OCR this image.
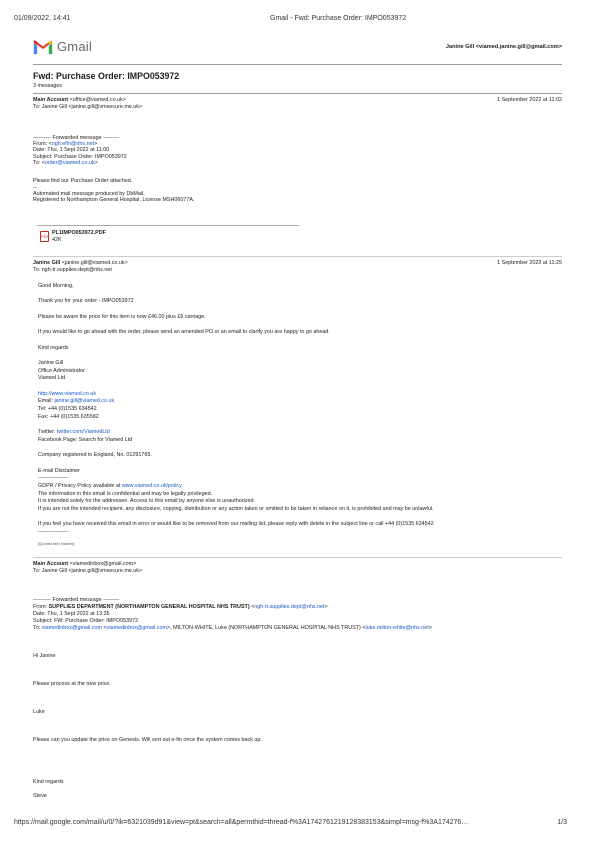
01/09/2022, 14:41	Gmail - Fwd: Purchase Order: IMPO053972
Gmail	Janine Gill <viamed.janine.gill@gmail.com>
Fwd: Purchase Order: IMPO053972
3 messages
Main Account <office@viamed.co.uk>	1 September 2022 at 11:02
To: Janine Gill <janine.gill@vmsecure.me.uk>

---------- Forwarded message ---------

From: <ngh.efin@nhs.net>

Date: Thu, 1 Sept 2022 at 11:00

Subject: Purchase Order: IMPO053972

To: <order@viamed.co.uk>

Please find our Purchase Order attached.

--

Automated mail message produced by DbMail.

Registered to Northampton General Hospital, License MSH06077A.

PDF
PL1IMPO053972.PDF
42K
Janine Gill <janine.gill@viamed.co.uk>	1 September 2022 at 11:25
To: ngh-tr.supplies.dept@nhs.net

Good Morning,

Thank you for your order - IMPO053972

Please be aware the price for this item is now £46.00 plus £6 carriage.

If you would like to go ahead with the order, please send an amended PO or an email to clarify you are happy to go ahead.

Kind regards

Janine Gill

Office Administrator

Viamed Ltd.

http://www.viamed.co.uk

Email: janine.gill@viamed.co.uk

Tel: +44 (0)1535 634542

Fax: +44 (0)1535 635582

Twitter: twitter.com/ViamedLtd

Facebook Page: Search for Viamed Ltd

Company registered in England, No. 01291765.

E-mail Disclaimer

-----------------

GDPR / Privacy Policy available at www.viamed.co.uk/policy

The information in this email is confidential and may be legally privileged.

It is intended solely for the addressee. Access to this email by anyone else is unauthorized.

If you are not the intended recipient, any disclosure, copying, distribution or any action taken or omitted to be taken in reliance on it, is prohibited and may be unlawful.

If you feel you have received this email in error or would like to be removed from our mailing list, please reply with delete in the subject line or call +44 (0)1535 634542

-----------------

[Quoted text hidden]
Main Account <viamedinbox@gmail.com>
To: Janine Gill <janine.gill@vmsecure.me.uk>

---------- Forwarded message ---------

From: SUPPLIES DEPARTMENT (NORTHAMPTON GENERAL HOSPITAL NHS TRUST) <ngh-tr.supplies.dept@nhs.net>

Date: Thu, 1 Sept 2022 at 13:35

Subject: FW: Purchase Order: IMPO053972

To: viamedinbox@gmail.com <viamedinbox@gmail.com>, MILTON-WHITE, Luke (NORTHAMPTON GENERAL HOSPITAL NHS TRUST) <luke.milton-white@nhs.net>

Hi Janine

Please process at the new price.

Luke

Please can you update the price on Genesis. Will sort out e-fin once the system comes back up.

Kind regards

Steve

https://mail.google.com/mail/u/0/?ik=6321039d91&view=pt&search=all&permthid=thread-f%3A1742761219128383153&simpl=msg-f%3A174276…	1/3
